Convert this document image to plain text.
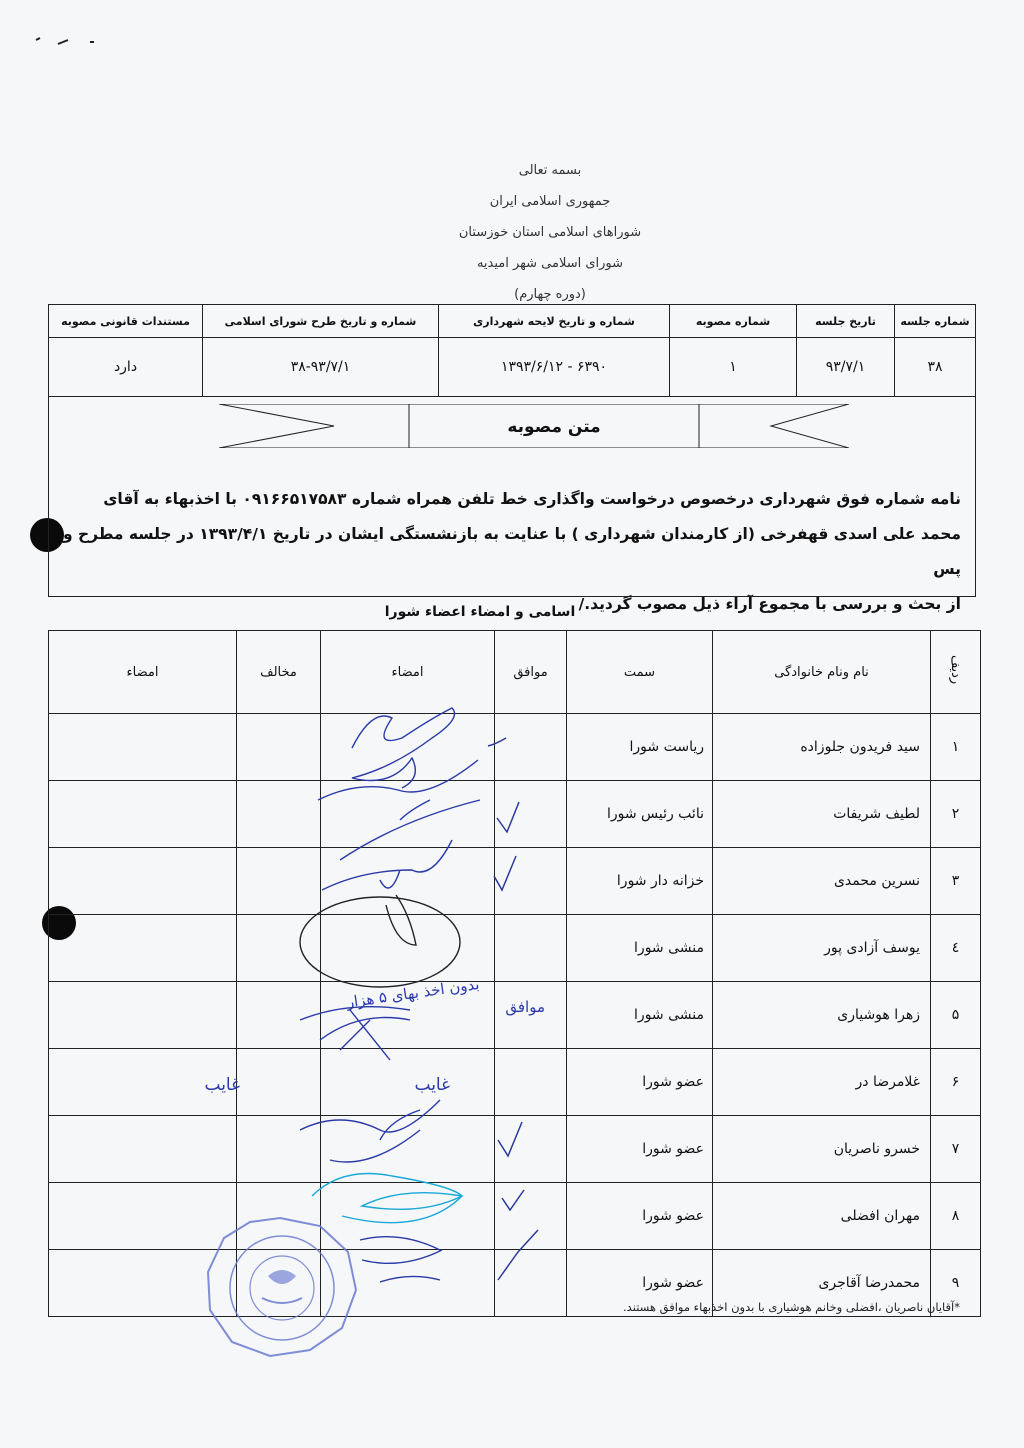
بسمه تعالی
جمهوری اسلامی ایران
شوراهای اسلامی استان خوزستان
شورای اسلامی شهر امیدیه
(دوره چهارم)
شماره جلسه	تاریخ جلسه	شماره مصوبه	شماره و تاریخ لایحه شهرداری	شماره و تاریخ طرح شورای اسلامی	مستندات قانونی مصوبه
۳۸	۹۳/۷/۱	۱	۶۳۹۰ - ۱۳۹۳/۶/۱۲	۳۸-۹۳/۷/۱	دارد
متن مصوبه
نامه شماره فوق شهرداری درخصوص درخواست واگذاری خط تلفن همراه شماره ۰۹۱۶۶۵۱۷۵۸۳ با اخذبهاء به آقای
محمد علی اسدی قهفرخی (از کارمندان شهرداری ) با عنایت به بازنشستگی ایشان در تاریخ ۱۳۹۳/۴/۱ در جلسه مطرح و پس
از بحث و بررسی با مجموع آراء ذیل مصوب گردید./
اسامی و امضاء اعضاء شورا
ردیف	نام ونام خانوادگی	سمت	موافق	امضاء	مخالف	امضاء
۱	سید فریدون جلوزاده	ریاست شورا				
۲	لطیف شریفات	نائب رئیس شورا				
۳	نسرین محمدی	خزانه دار شورا				
٤	یوسف آزادی پور	منشی شورا				
۵	زهرا هوشیاری	منشی شورا				
۶	غلامرضا در	عضو شورا				
۷	خسرو ناصریان	عضو شورا				
۸	مهران افضلی	عضو شورا				
۹	محمدرضا آقاجری	عضو شورا				
*آقایان ناصریان ،افضلی وخانم هوشیاری با بدون اخذبهاء موافق هستند.
بدون اخذ بهای ۵ هزار
موافق
غایب
غایب
